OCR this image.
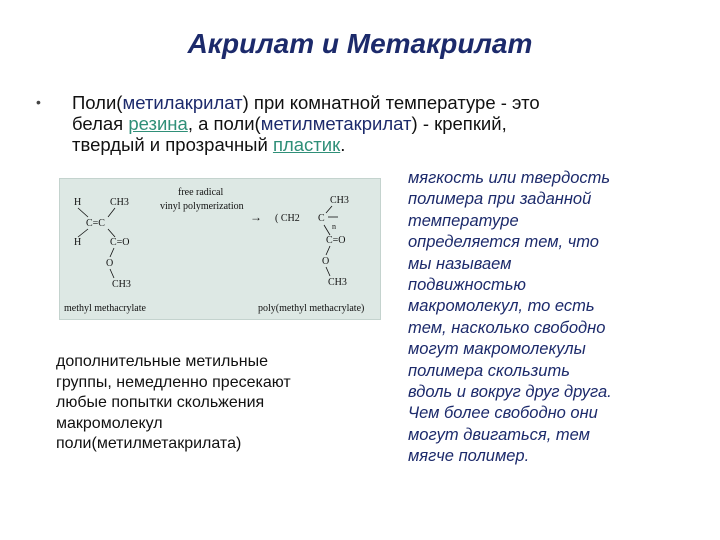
Акрилат и Метакрилат
• Поли(метилакрилат) при комнатной температуре - это
белая резина, а поли(метилметакрилат) - крепкий,
твердый и прозрачный пластик.
H	CH3
C=C
H	C=O
O
CH3
free radical
vinyl polymerization
→ ( CH2
CH3
C
n
C=O
O
CH3
methyl methacrylate	poly(methyl methacrylate)
дополнительные метильные
группы, немедленно пресекают
любые попытки скольжения
макромолекул
поли(метилметакрилата)
мягкость или твердость
полимера при заданной
температуре
определяется тем, что
мы называем
подвижностью
макромолекул, то есть
тем, насколько свободно
могут макромолекулы
полимера скользить
вдоль и вокруг друг друга.
Чем более свободно они
могут двигаться, тем
мягче полимер.
